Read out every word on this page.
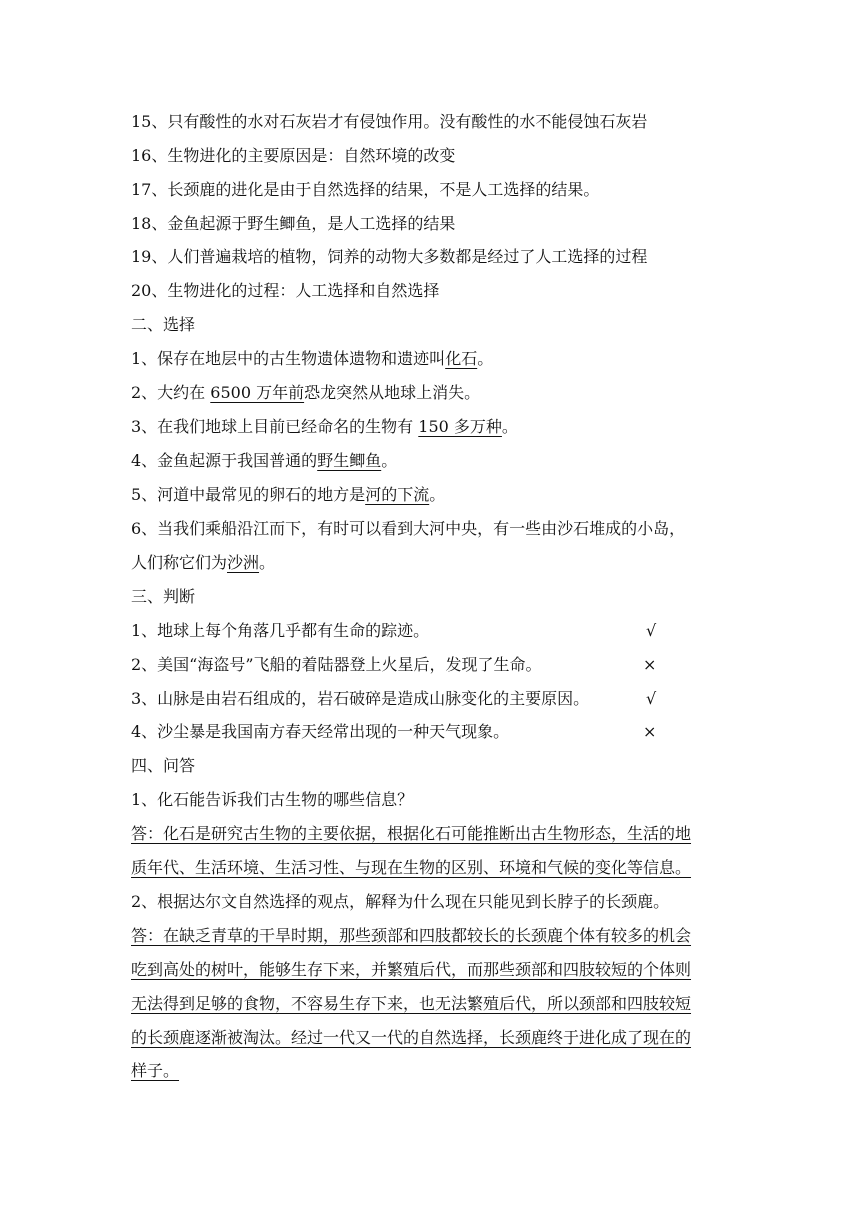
15、只有酸性的水对石灰岩才有侵蚀作用。没有酸性的水不能侵蚀石灰岩
16、生物进化的主要原因是：自然环境的改变
17、长颈鹿的进化是由于自然选择的结果，不是人工选择的结果。
18、金鱼起源于野生鲫鱼，是人工选择的结果
19、人们普遍栽培的植物，饲养的动物大多数都是经过了人工选择的过程
20、生物进化的过程：人工选择和自然选择
二、选择
1、保存在地层中的古生物遗体遗物和遗迹叫化石。
2、大约在 6500 万年前恐龙突然从地球上消失。
3、在我们地球上目前已经命名的生物有 150 多万种。
4、金鱼起源于我国普通的野生鲫鱼。
5、河道中最常见的卵石的地方是河的下流。
6、当我们乘船沿江而下，有时可以看到大河中央，有一些由沙石堆成的小岛，
人们称它们为沙洲。
三、判断
1、地球上每个角落几乎都有生命的踪迹。	√
2、美国“海盗号”飞船的着陆器登上火星后，发现了生命。	×
3、山脉是由岩石组成的，岩石破碎是造成山脉变化的主要原因。	√
4、沙尘暴是我国南方春天经常出现的一种天气现象。	×
四、问答
1、化石能告诉我们古生物的哪些信息？
答：化石是研究古生物的主要依据，根据化石可能推断出古生物形态，生活的地
质年代、生活环境、生活习性、与现在生物的区别、环境和气候的变化等信息。
2、根据达尔文自然选择的观点，解释为什么现在只能见到长脖子的长颈鹿。
答：在缺乏青草的干旱时期，那些颈部和四肢都较长的长颈鹿个体有较多的机会
吃到高处的树叶，能够生存下来，并繁殖后代，而那些颈部和四肢较短的个体则
无法得到足够的食物，不容易生存下来，也无法繁殖后代，所以颈部和四肢较短
的长颈鹿逐渐被淘汰。经过一代又一代的自然选择，长颈鹿终于进化成了现在的
样子。
